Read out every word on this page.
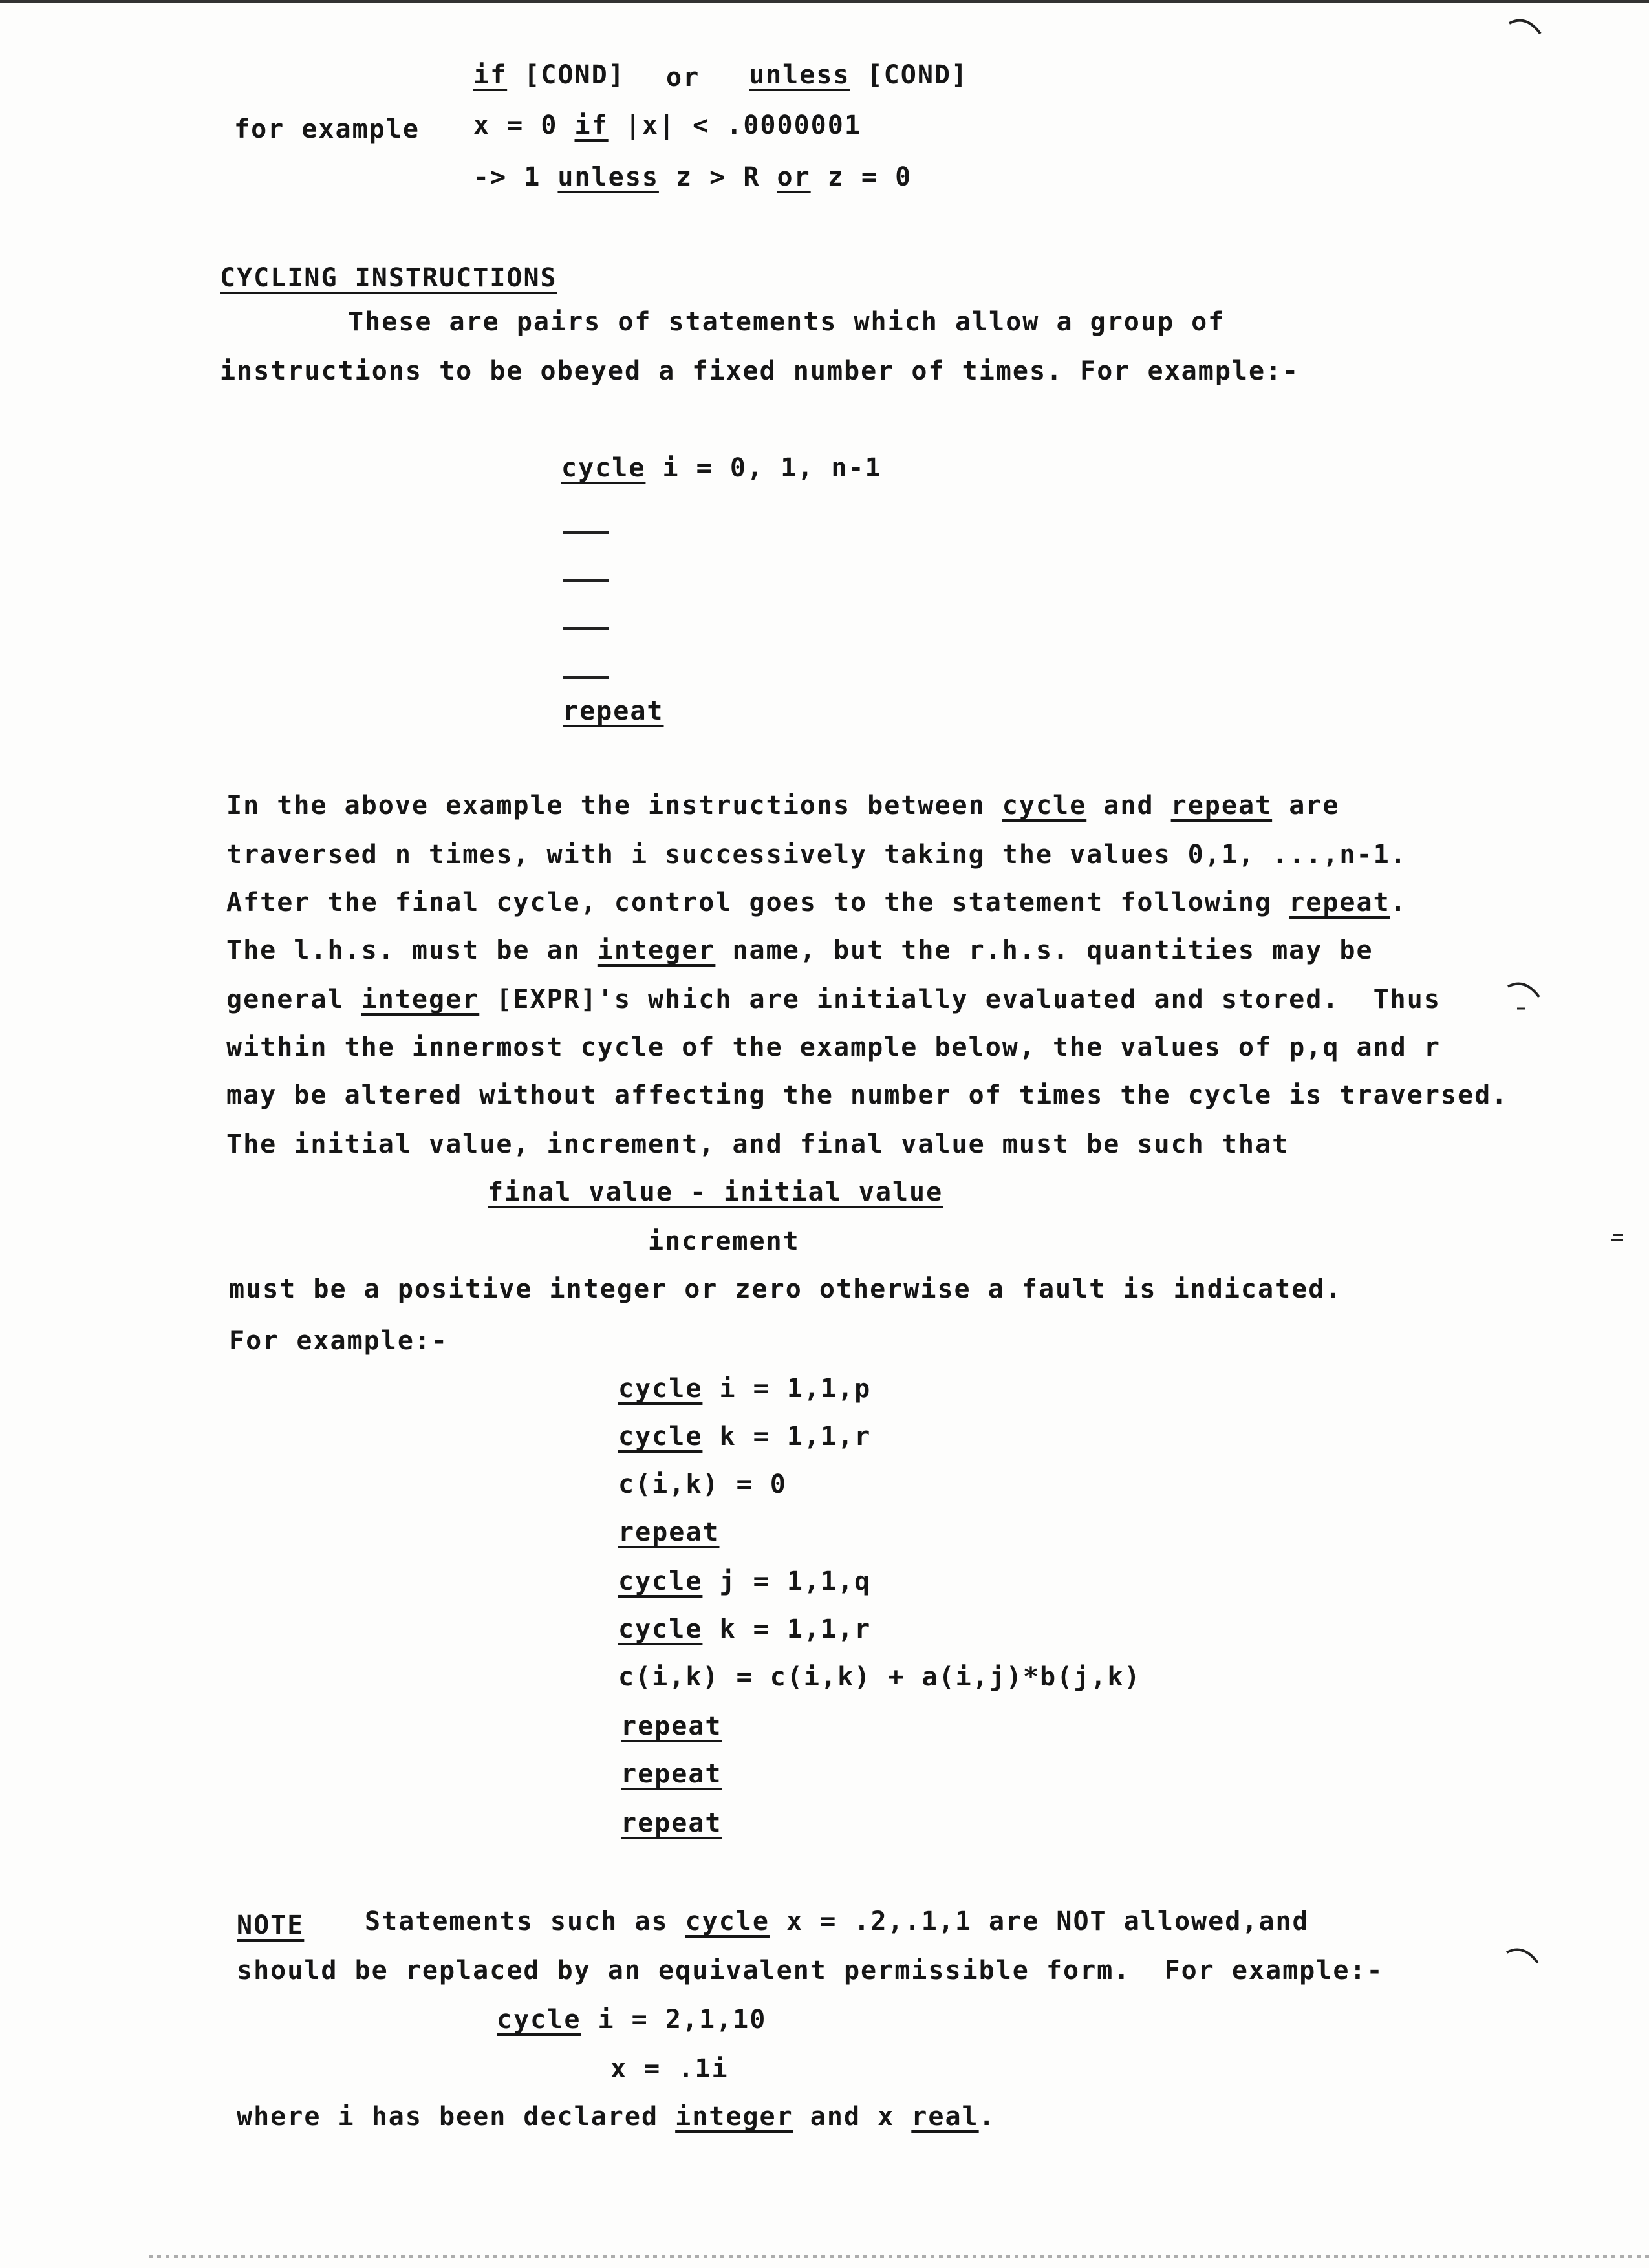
if [COND] or unless [COND]
for example x = 0 if |x| < .0000001
-> 1 unless z > R or z = 0
CYCLING INSTRUCTIONS
These are pairs of statements which allow a group of
instructions to be obeyed a fixed number of times. For example:-
cycle i = 0, 1, n-1
repeat
In the above example the instructions between cycle and repeat are
traversed n times, with i successively taking the values 0,1, ...,n-1.
After the final cycle, control goes to the statement following repeat.
The l.h.s. must be an integer name, but the r.h.s. quantities may be
general integer [EXPR]'s which are initially evaluated and stored.  Thus
within the innermost cycle of the example below, the values of p,q and r
may be altered without affecting the number of times the cycle is traversed.
The initial value, increment, and final value must be such that
final value - initial value
increment
must be a positive integer or zero otherwise a fault is indicated.
For example:-
cycle i = 1,1,p
cycle k = 1,1,r
c(i,k) = 0
repeat
cycle j = 1,1,q
cycle k = 1,1,r
c(i,k) = c(i,k) + a(i,j)*b(j,k)
repeat
repeat
repeat
NOTE Statements such as cycle x = .2,.1,1 are NOT allowed,and
should be replaced by an equivalent permissible form.  For example:-
cycle i = 2,1,10
x = .1i
where i has been declared integer and x real.
